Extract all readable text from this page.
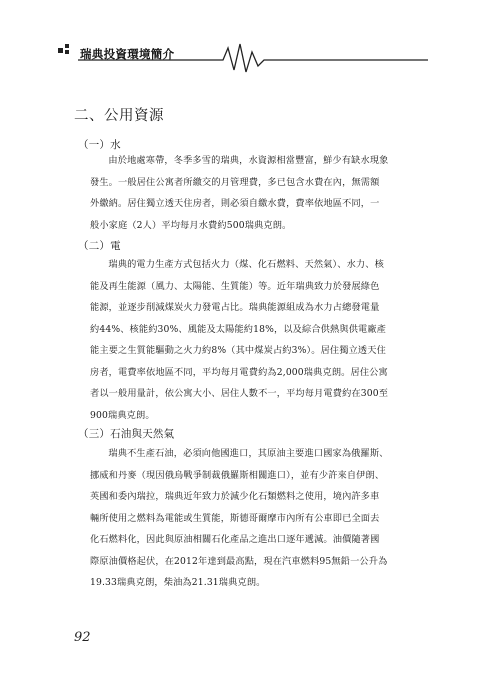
瑞典投資環境簡介
二、公用資源
（一）水
由於地處寒帶，冬季多雪的瑞典，水資源相當豐富，鮮少有缺水現象
發生。一般居住公寓者所繳交的月管理費，多已包含水費在內，無需額
外繳納。居住獨立透天住房者，則必須自繳水費，費率依地區不同，一
般小家庭（2人）平均每月水費約500瑞典克朗。
（二）電
瑞典的電力生產方式包括火力（煤、化石燃料、天然氣）、水力、核
能及再生能源（風力、太陽能、生質能）等。近年瑞典致力於發展綠色
能源，並逐步削減煤炭火力發電占比。瑞典能源組成為水力占總發電量
約44%、核能約30%、風能及太陽能約18%，以及綜合供熱與供電廠產
能主要之生質能驅動之火力約8%（其中煤炭占約3%）。居住獨立透天住
房者，電費率依地區不同，平均每月電費約為2,000瑞典克朗。居住公寓
者以一般用量計，依公寓大小、居住人數不一，平均每月電費約在300至
900瑞典克朗。
（三）石油與天然氣
瑞典不生產石油，必須向他國進口，其原油主要進口國家為俄羅斯、
挪威和丹麥（現因俄烏戰爭制裁俄羅斯相關進口），並有少許來自伊朗、
英國和委內瑞拉，瑞典近年致力於減少化石類燃料之使用，境內許多車
輛所使用之燃料為電能或生質能，斯德哥爾摩市內所有公車即已全面去
化石燃料化，因此與原油相關石化產品之進出口逐年遞減。油價隨著國
際原油價格起伏，在2012年達到最高點，現在汽車燃料95無鉛一公升為
19.33瑞典克朗，柴油為21.31瑞典克朗。
92
